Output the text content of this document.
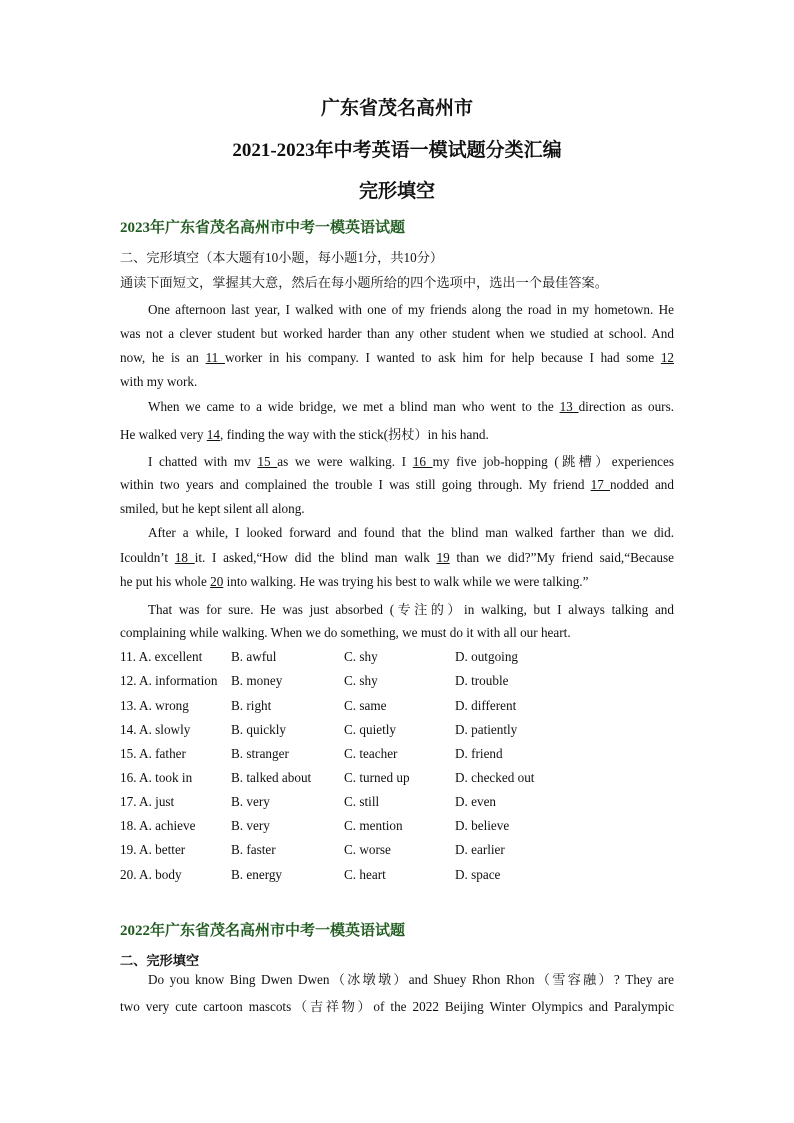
广东省茂名高州市
2021-2023年中考英语一模试题分类汇编
完形填空
2023年广东省茂名高州市中考一模英语试题
二、完形填空（本大题有10小题，每小题1分，共10分）
通读下面短文，掌握其大意，然后在每小题所给的四个选项中，选出一个最佳答案。
One afternoon last year, I walked with one of my friends along the road in my hometown. He
was not a clever student but worked harder than any other student when we studied at school. And
now, he is an 11 worker in his company. I wanted to ask him for help because I had some 12
with my work.
When we came to a wide bridge, we met a blind man who went to the 13 direction as ours.
He walked very 14, finding the way with the stick(拐杖）in his hand.
I chatted with mv 15 as we were walking. I 16 my five job-hopping (跳槽）experiences
within two years and complained the trouble I was still going through. My friend 17 nodded and
smiled, but he kept silent all along.
After a while, I looked forward and found that the blind man walked farther than we did.
Icouldn’t 18 it. I asked,“How did the blind man walk 19 than we did?”My friend said,“Because
he put his whole 20 into walking. He was trying his best to walk while we were talking.”
That was for sure. He was just absorbed (专注的）in walking, but I always talking and
complaining while walking. When we do something, we must do it with all our heart.
11. A. excellent B. awful	C. shy	D. outgoing
12. A. information B. money	C. shy	D. trouble
13. A. wrong	B. right	C. same	D. different
14. A. slowly	B. quickly	C. quietly	D. patiently
15. A. father	B. stranger	C. teacher	D. friend
16. A. took in	B. talked about C. turned up	D. checked out
17. A. just	B. very	C. still	D. even
18. A. achieve	B. very	C. mention	D. believe
19. A. better	B. faster	C. worse	D. earlier
20. A. body	B. energy	C. heart	D. space
2022年广东省茂名高州市中考一模英语试题
二、完形填空
Do you know Bing Dwen Dwen（冰墩墩）and Shuey Rhon Rhon（雪容融）? They are
two very cute cartoon mascots（吉祥物）of the 2022 Beijing Winter Olympics and Paralympic
